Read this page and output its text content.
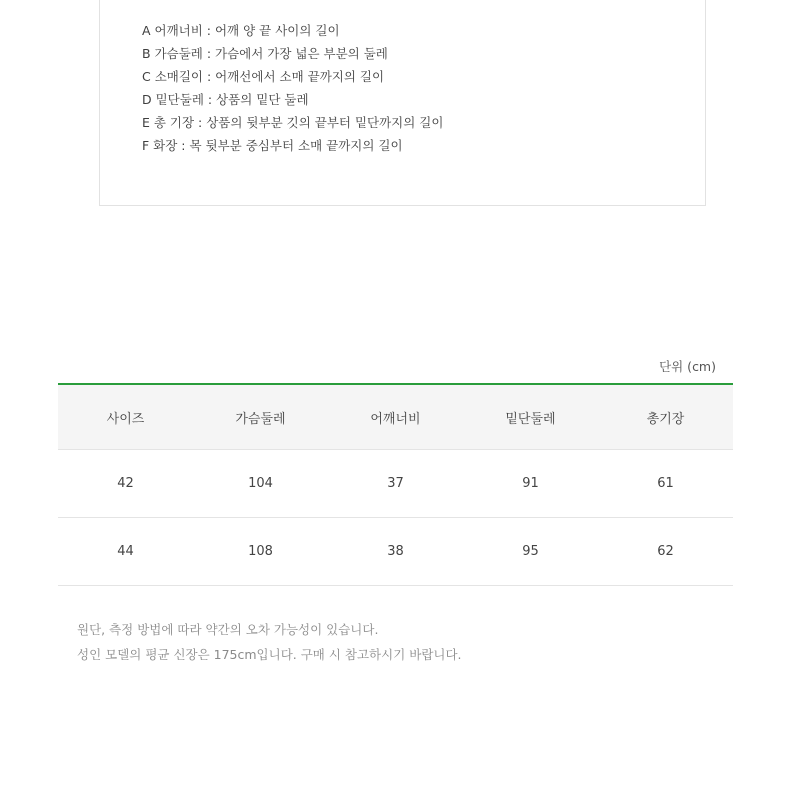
A 어깨너비 : 어깨 양 끝 사이의 길이
B 가슴둘레 : 가슴에서 가장 넓은 부분의 둘레
C 소매길이 : 어깨선에서 소매 끝까지의 길이
D 밑단둘레 : 상품의 밑단 둘레
E 총 기장 : 상품의 뒷부분 깃의 끝부터 밑단까지의 길이
F 화장 : 목 뒷부분 중심부터 소매 끝까지의 길이
단위 (cm)
사이즈	가슴둘레	어깨너비	밑단둘레	총기장
42	104	37	91	61
44	108	38	95	62

원단, 측정 방법에 따라 약간의 오차 가능성이 있습니다.

성인 모델의 평균 신장은 175cm입니다. 구매 시 참고하시기 바랍니다.
